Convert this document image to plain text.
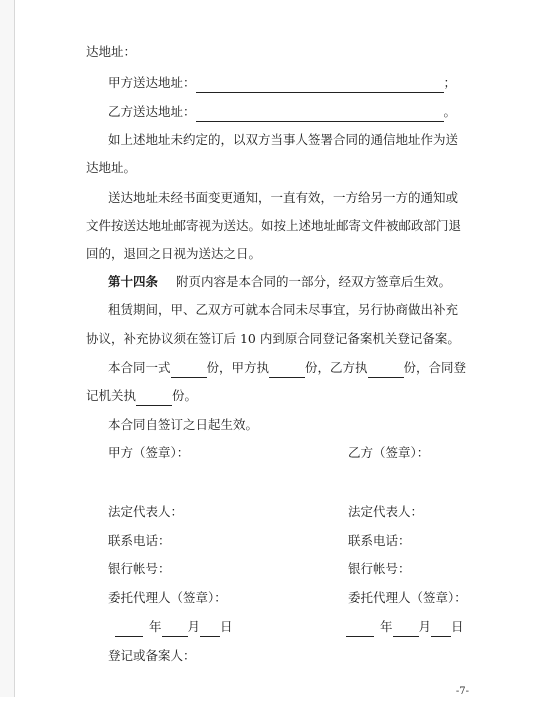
达地址：
甲方送达地址：	；
乙方送达地址：	。
如上述地址未约定的，以双方当事人签署合同的通信地址作为送
达地址。
送达地址未经书面变更通知，一直有效，一方给另一方的通知或
文件按送达地址邮寄视为送达。如按上述地址邮寄文件被邮政部门退
回的，退回之日视为送达之日。
第十四条 附页内容是本合同的一部分，经双方签章后生效。
租赁期间，甲、乙双方可就本合同未尽事宜，另行协商做出补充
协议，补充协议须在签订后 10 内到原合同登记备案机关登记备案。
本合同一式	份，甲方执	份，乙方执	份，合同登
记机关执	份。
本合同自签订之日起生效。
甲方（签章）：	乙方（签章）：
法定代表人：	法定代表人：
联系电话：	联系电话：
银行帐号：	银行帐号：
委托代理人（签章）：	委托代理人（签章）：
年 月 日	年 月 日
登记或备案人：
-7-
